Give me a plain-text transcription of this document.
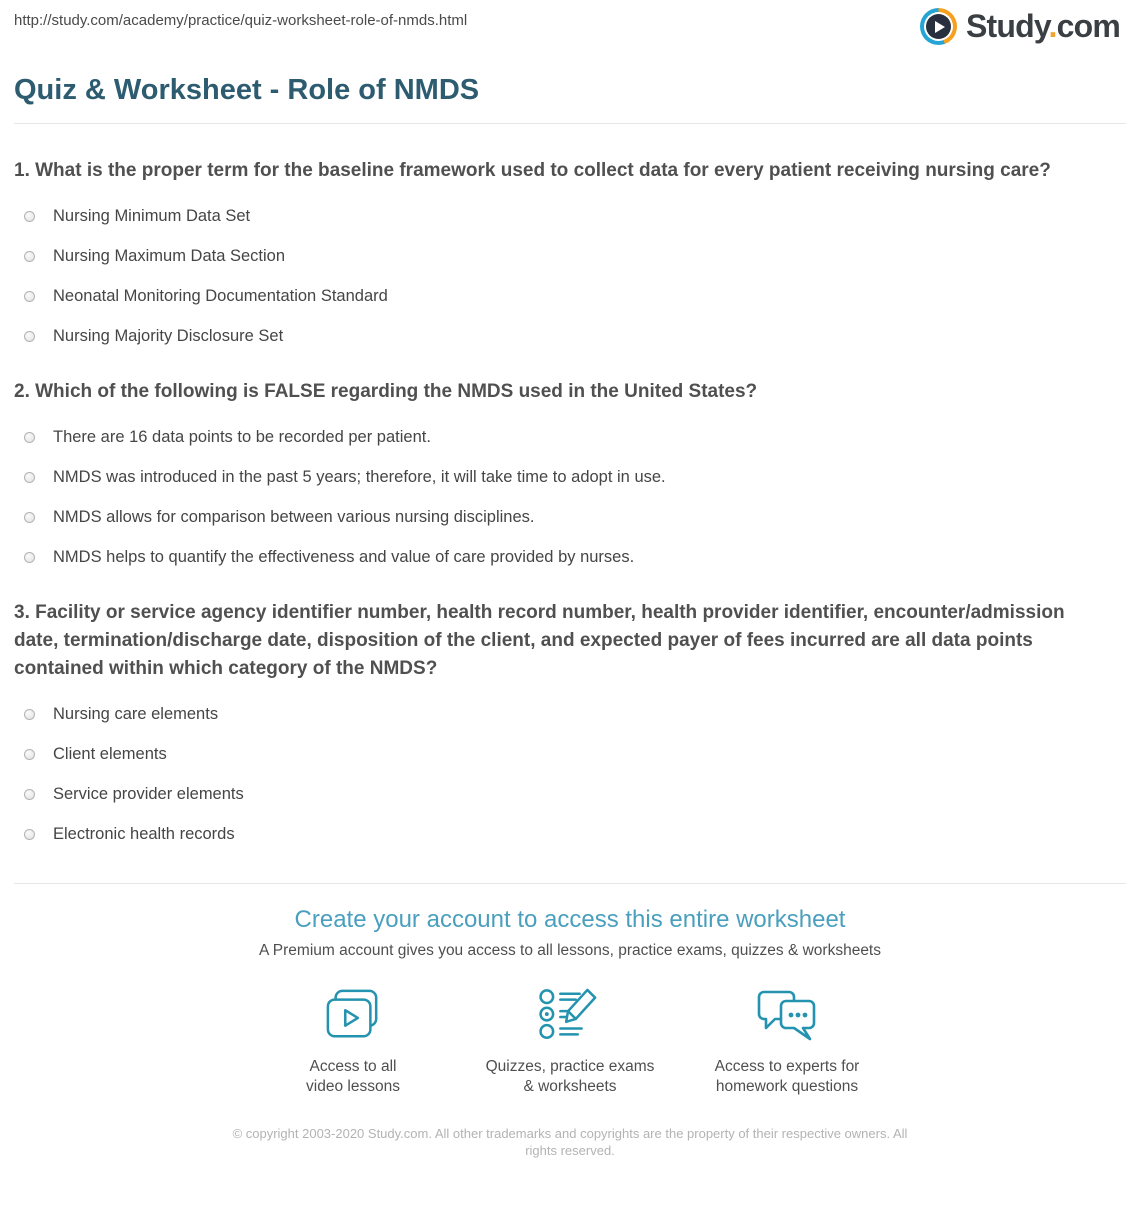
http://study.com/academy/practice/quiz-worksheet-role-of-nmds.html	Study.com
Quiz & Worksheet - Role of NMDS

1. What is the proper term for the baseline framework used to collect data for every patient receiving nursing care?

Nursing Minimum Data Set
Nursing Maximum Data Section
Neonatal Monitoring Documentation Standard
Nursing Majority Disclosure Set

2. Which of the following is FALSE regarding the NMDS used in the United States?

There are 16 data points to be recorded per patient.
NMDS was introduced in the past 5 years; therefore, it will take time to adopt in use.
NMDS allows for comparison between various nursing disciplines.
NMDS helps to quantify the effectiveness and value of care provided by nurses.

3. Facility or service agency identifier number, health record number, health provider identifier, encounter/admission date, termination/discharge date, disposition of the client, and expected payer of fees incurred are all data points contained within which category of the NMDS?

Nursing care elements
Client elements
Service provider elements
Electronic health records
Create your account to access this entire worksheet
A Premium account gives you access to all lessons, practice exams, quizzes & worksheets
Access to all
video lessons
Quizzes, practice exams
& worksheets
Access to experts for
homework questions
© copyright 2003-2020 Study.com. All other trademarks and copyrights are the property of their respective owners. All rights reserved.
